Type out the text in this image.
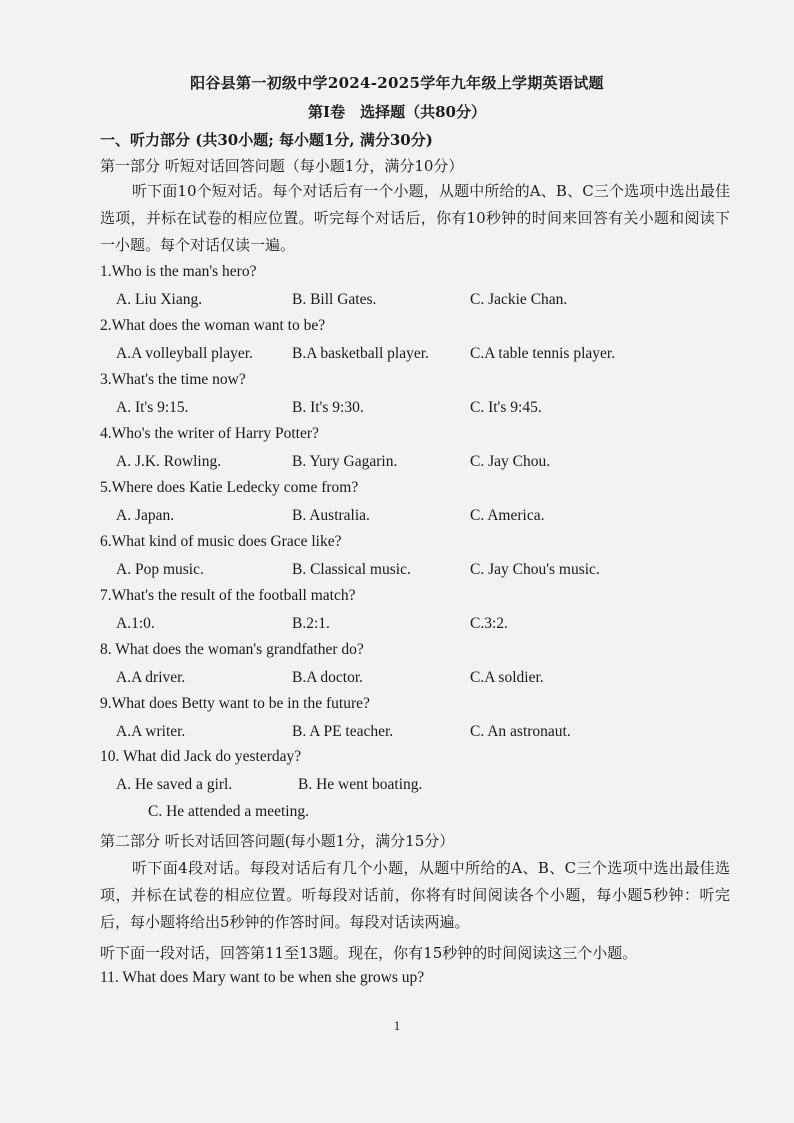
阳谷县第一初级中学2024-2025学年九年级上学期英语试题
第Ⅰ卷　选择题（共80分）
一、听力部分 (共30小题; 每小题1分, 满分30分)
第一部分 听短对话回答问题（每小题1分，满分10分）
听下面10个短对话。每个对话后有一个小题，从题中所给的A、B、C三个选项中选出最佳选项，并标在试卷的相应位置。听完每个对话后，你有10秒钟的时间来回答有关小题和阅读下一小题。每个对话仅读一遍。
1.Who is the man's hero?
A. Liu Xiang.	B. Bill Gates.	C. Jackie Chan.
2.What does the woman want to be?
A.A volleyball player.	B.A basketball player.	C.A table tennis player.
3.What's the time now?
A. It's 9:15.	B. It's 9:30.	C. It's 9:45.
4.Who's the writer of Harry Potter?
A. J.K. Rowling.	B. Yury Gagarin.	C. Jay Chou.
5.Where does Katie Ledecky come from?
A. Japan.	B. Australia.	C. America.
6.What kind of music does Grace like?
A. Pop music.	B. Classical music.	C. Jay Chou's music.
7.What's the result of the football match?
A.1:0.	B.2:1.	C.3:2.
8. What does the woman's grandfather do?
A.A driver.	B.A doctor.	C.A soldier.
9.What does Betty want to be in the future?
A.A writer.	B. A PE teacher.	C. An astronaut.
10. What did Jack do yesterday?
A. He saved a girl.	B. He went boating.
C. He attended a meeting.
第二部分 听长对话回答问题(每小题1分，满分15分）
听下面4段对话。每段对话后有几个小题，从题中所给的A、B、C三个选项中选出最佳选项，并标在试卷的相应位置。听每段对话前，你将有时间阅读各个小题，每小题5秒钟：听完后，每小题将给出5秒钟的作答时间。每段对话读两遍。
听下面一段对话，回答第11至13题。现在，你有15秒钟的时间阅读这三个小题。
11. What does Mary want to be when she grows up?
1
